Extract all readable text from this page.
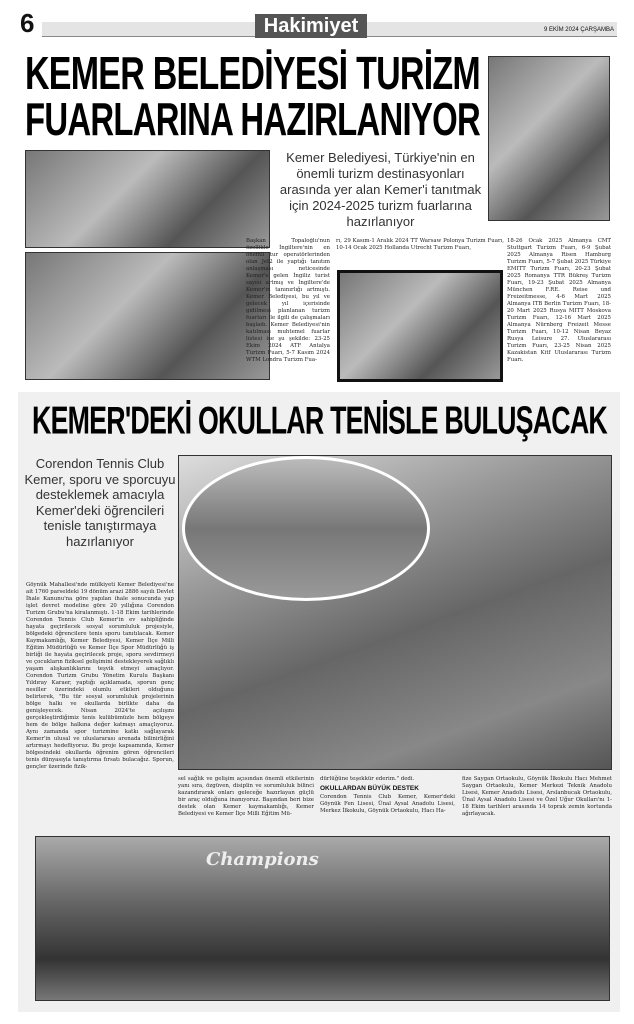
6	Hakimiyet	9 EKİM 2024 ÇARŞAMBA
KEMER BELEDİYESİ TURİZM
FUARLARINA HAZIRLANIYOR
Kemer Belediyesi, Türkiye'nin en önemli turizm destinasyonları arasında yer alan Kemer'i tanıtmak için 2024-2025 turizm fuarlarına hazırlanıyor
Başkan Topaloğlu'nun özellikle İngiltere'nin en önemli tur operatörlerinden olan Jet2 ile yaptığı tanıtım anlaşması neticesinde Kemer'e gelen İngiliz turist sayısı artmış ve İngiltere'de Kemer'in tanınırlığı artmıştı. Kemer Belediyesi, bu yıl ve gelecek yıl içerisinde gidilmesi planlanan turizm fuarları ile ilgili de çalışmaları başladı. Kemer Belediyesi'nin katılması muhtemel fuarlar listesi ise şu şekilde: 23-25 Ekim 2024 ATF Antalya Turizm Fuarı, 5-7 Kasım 2024 WTM Londra Turizm Fua-
rı, 29 Kasım-1 Aralık 2024 TT Warsaw Polonya Turizm Fuarı, 10-14 Ocak 2025 Hollanda Utrecht Turizm Fuarı,
18-26 Ocak 2025 Almanya CMT Stuttgart Turizm Fuarı, 6-9 Şubat 2025 Almanya Risen Hamburg Turizm Fuarı, 5-7 Şubat 2025 Türkiye EMITT Turizm Fuarı, 20-23 Şubat 2025 Romanya TTR Bükreş Turizm Fuarı, 19-23 Şubat 2025 Almanya München F.RE. Reise und Freizeitmesse, 4-6 Mart 2025 Almanya ITB Berlin Turizm Fuarı, 18-20 Mart 2025 Rusya MITT Moskova Turizm Fuarı, 12-16 Mart 2025 Almanya Nürnberg Freizeit Messe Turizm Fuarı, 10-12 Nisan Beyaz Rusya Leisure 27. Uluslararası Turizm Fuarı, 23-25 Nisan 2025 Kazakistan Kitf Uluslararası Turizm Fuarı.
KEMER'DEKİ OKULLAR TENİSLE BULUŞACAK
Corendon Tennis Club Kemer, sporu ve sporcuyu desteklemek amacıyla Kemer'deki öğrencileri tenisle tanıştırmaya hazırlanıyor
Göynük Mahallesi'nde mülkiyeti Kemer Belediyesi'ne ait 1760 parseldeki 19 dönüm arazi 2886 sayılı Devlet İhale Kanunu'na göre yapılan ihale sonucunda yap işlet devret modeline göre 20 yıllığına Corendon Turizm Grubu'na kiralanmıştı. 1-18 Ekim tarihlerinde Corendon Tennis Club Kemer'in ev sahipliğinde hayata geçirilecek sosyal sorumluluk projesiyle, bölgedeki öğrencilere tenis sporu tanıtılacak. Kemer Kaymakamlığı, Kemer Belediyesi, Kemer İlçe Milli Eğitim Müdürlüğü ve Kemer İlçe Spor Müdürlüğü iş birliği ile hayata geçirilecek proje, sporu sevdirmeyi ve çocukların fiziksel gelişimini destekleyerek sağlıklı yaşam alışkanlıklarını teşvik etmeyi amaçlıyor. Corendon Turizm Grubu Yönetim Kurulu Başkanı Yıldıray Karaer, yaptığı açıklamada, sporun genç nesiller üzerindeki olumlu etkileri olduğunu belirterek, "Bu tür sosyal sorumluluk projelerinin bölge halkı ve okullarda birlikte daha da genişleyecek. Nisan 2024'te açılışını gerçekleştirdiğimiz tenis kulübümüzle hem bölgeye hem de bölge halkına değer katmayı amaçlıyoruz. Aynı zamanda spor turizmine katkı sağlayarak Kemer'in ulusal ve uluslararası arenada bilinirliğini artırmayı hedefliyoruz. Bu proje kapsamında, Kemer bölgesindeki okullarda öğrenim gören öğrencileri tenis dünyasıyla tanıştırma fırsatı bulacağız. Sporun, gençler üzerinde fizik-
sel sağlık ve gelişim açısından önemli etkilerinin yanı sıra, özgüven, disiplin ve sorumluluk bilinci kazandırarak onları geleceğe hazırlayan güçlü bir araç olduğuna inanıyoruz. Başından beri bize destek olan Kemer kaymakamlığı, Kemer Belediyesi ve Kemer İlçe Milli Eğitim Mü-
dürlüğüne teşekkür ederim." dedi.
OKULLARDAN BÜYÜK DESTEK
Corendon Tennis Club Kemer, Kemer'deki Göynük Fen Lisesi, Ünal Aysal Anadolu Lisesi, Merkez İlkokulu, Göynük Ortaokulu, Hacı Ha-
fize Saygan Ortaokulu, Göynük İlkokulu Hacı Mehmet Saygan Ortaokulu, Kemer Merkezi Teknik Anadolu Lisesi, Kemer Anadolu Lisesi, Arslanbucak Ortaokulu, Ünal Aysal Anadolu Lisesi ve Özel Uğur Okulları'nı 1-18 Ekim tarihleri arasında 14 toprak zemin kortunda ağırlayacak.
Champions
